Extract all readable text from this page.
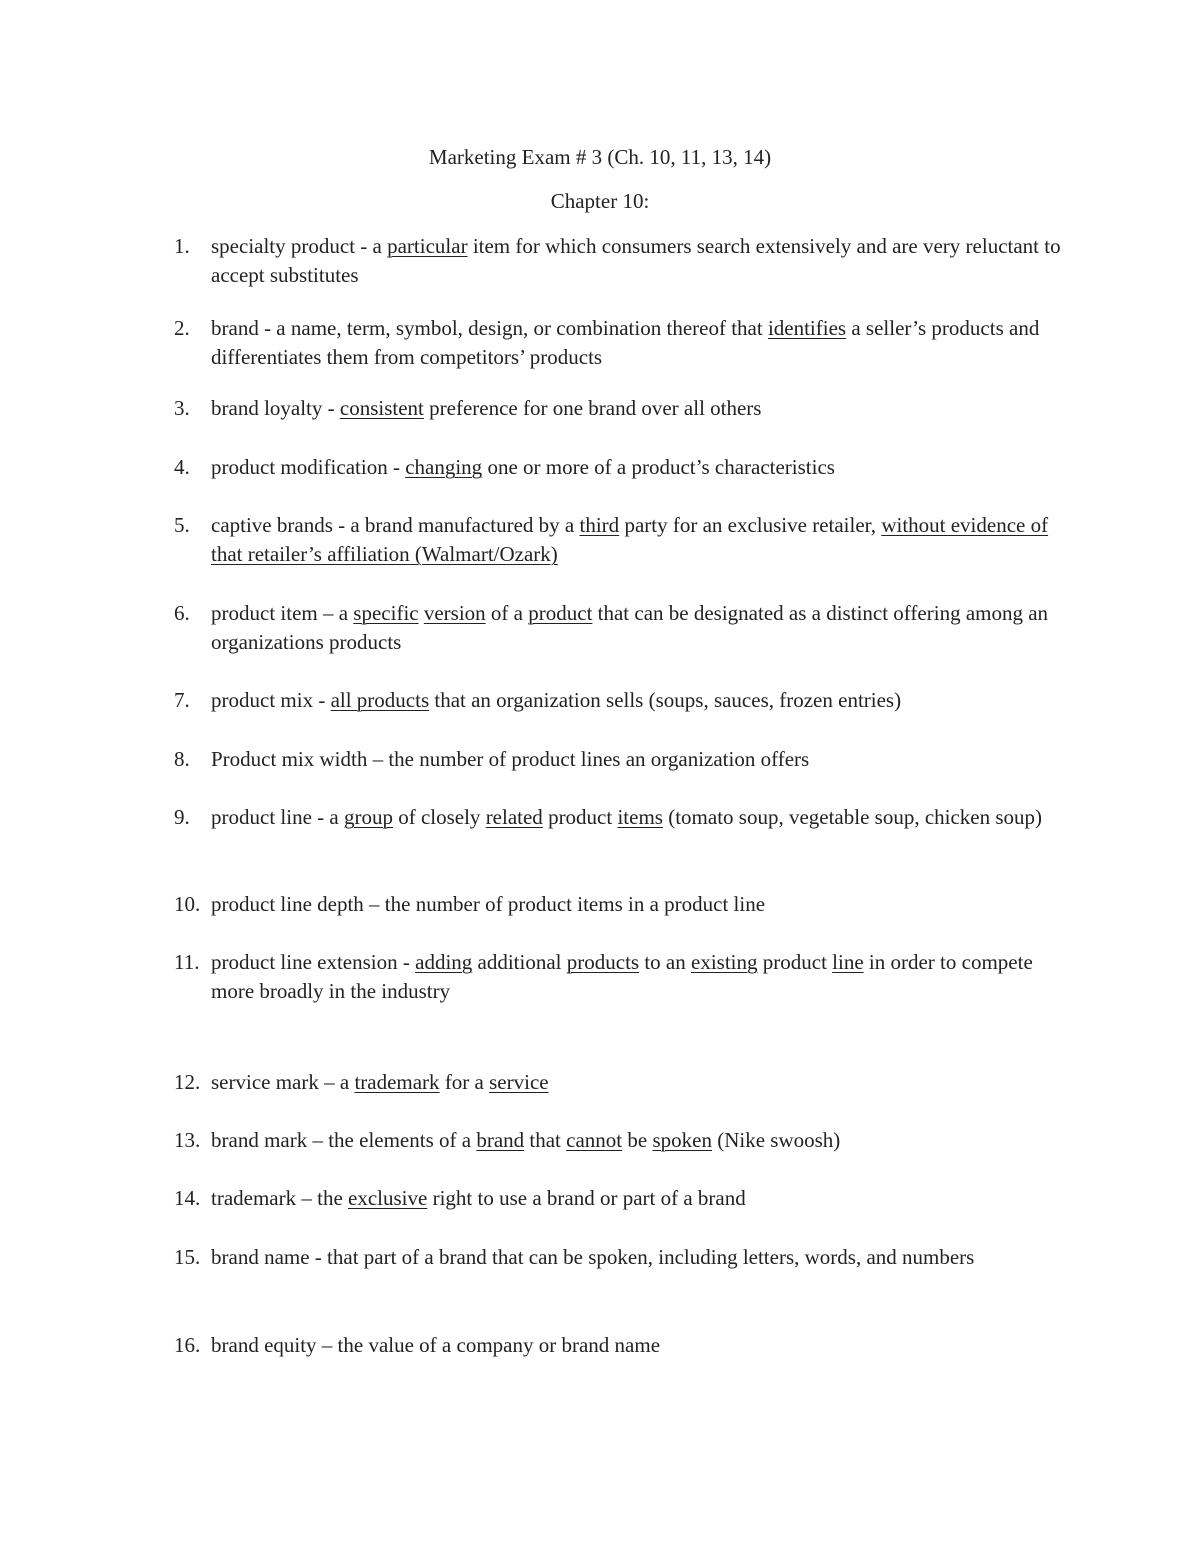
Marketing Exam # 3 (Ch. 10, 11, 13, 14)
Chapter 10:
1. specialty product - a particular item for which consumers search extensively and are very reluctant to accept substitutes
2. brand - a name, term, symbol, design, or combination thereof that identifies a seller’s products and differentiates them from competitors’ products
3. brand loyalty - consistent preference for one brand over all others
4. product modification - changing one or more of a product’s characteristics
5. captive brands - a brand manufactured by a third party for an exclusive retailer, without evidence of that retailer’s affiliation (Walmart/Ozark)
6. product item – a specific version of a product that can be designated as a distinct offering among an organizations products
7. product mix - all products that an organization sells (soups, sauces, frozen entries)
8. Product mix width – the number of product lines an organization offers
9. product line - a group of closely related product items (tomato soup, vegetable soup, chicken soup)
10. product line depth – the number of product items in a product line
11. product line extension - adding additional products to an existing product line in order to compete more broadly in the industry
12. service mark – a trademark for a service
13. brand mark – the elements of a brand that cannot be spoken (Nike swoosh)
14. trademark – the exclusive right to use a brand or part of a brand
15. brand name - that part of a brand that can be spoken, including letters, words, and numbers
16. brand equity – the value of a company or brand name
